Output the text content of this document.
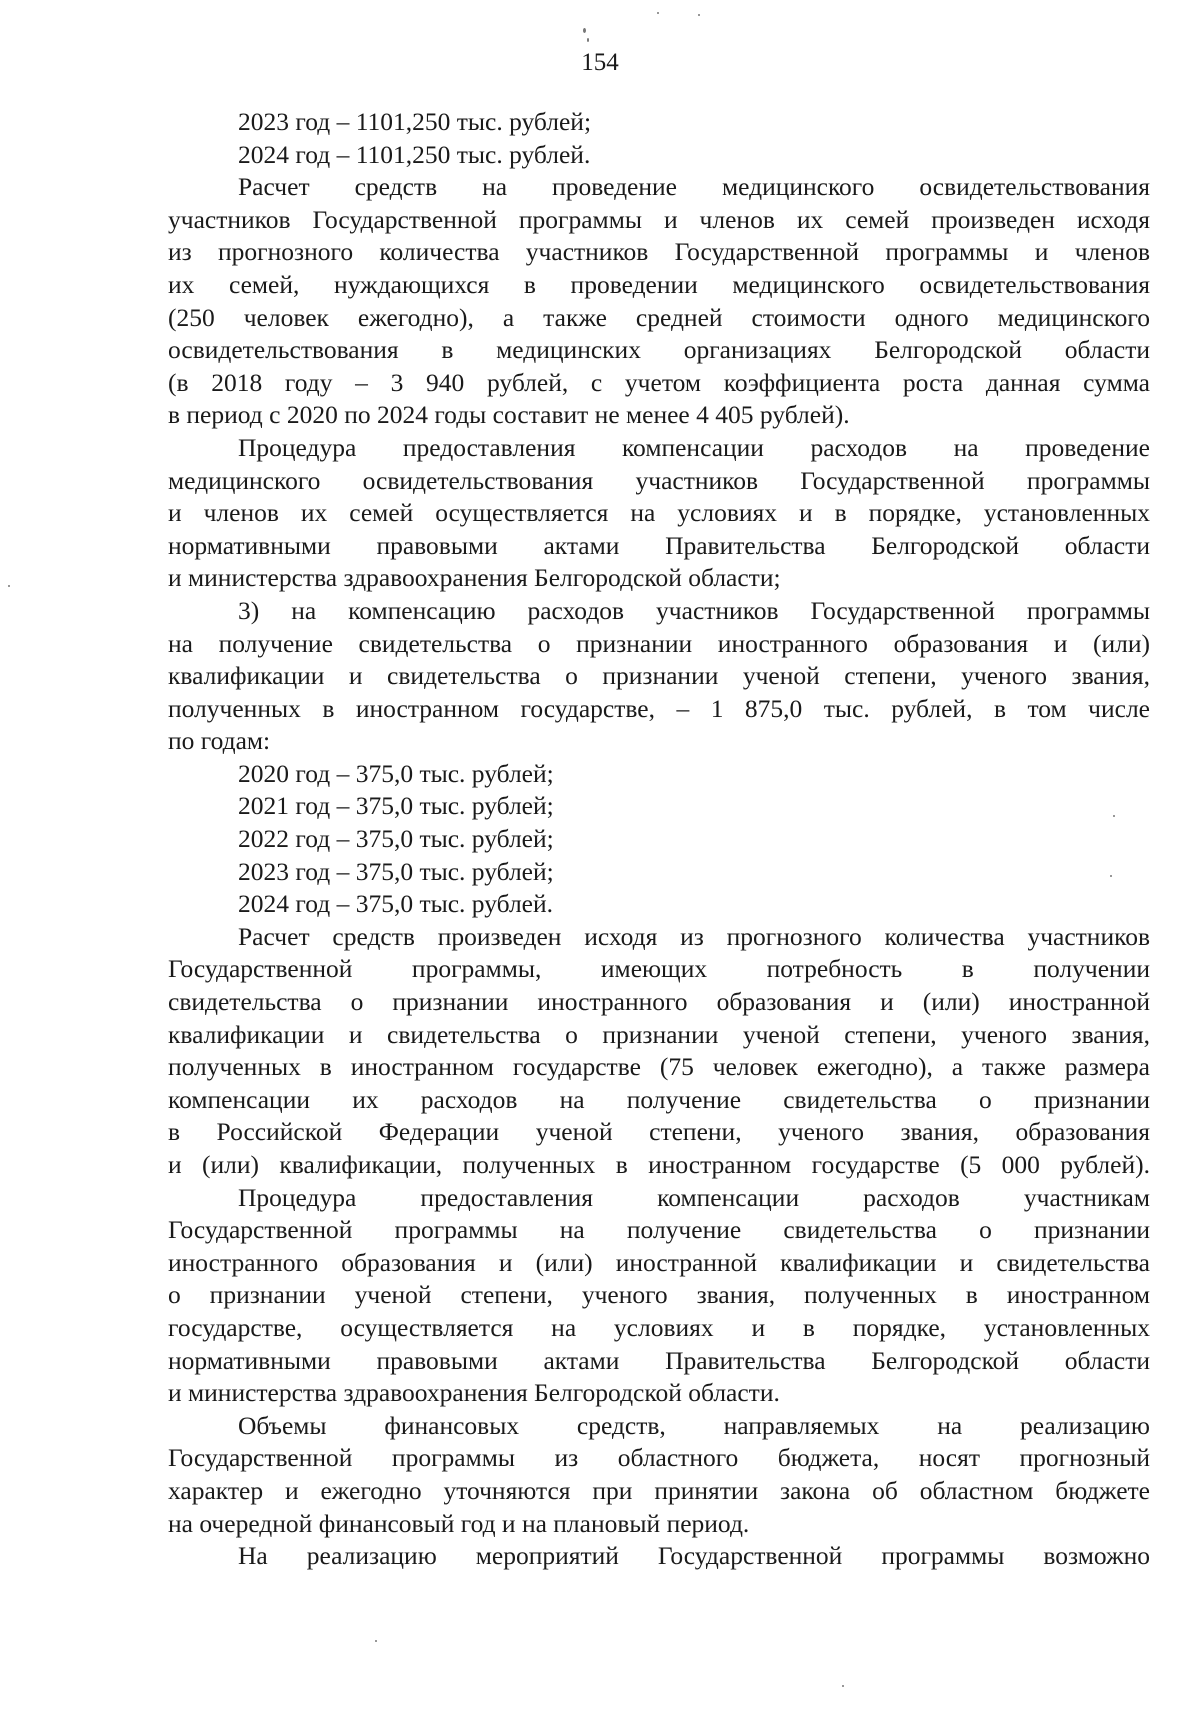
154
2023 год – 1101,250 тыс. рублей;
2024 год – 1101,250 тыс. рублей.
Расчет средств на проведение медицинского освидетельствования
участников Государственной программы и членов их семей произведен исходя
из прогнозного количества участников Государственной программы и членов
их семей, нуждающихся в проведении медицинского освидетельствования
(250 человек ежегодно), а также средней стоимости одного медицинского
освидетельствования в медицинских организациях Белгородской области
(в 2018 году – 3 940 рублей, с учетом коэффициента роста данная сумма
в период с 2020 по 2024 годы составит не менее 4 405 рублей).
Процедура предоставления компенсации расходов на проведение
медицинского освидетельствования участников Государственной программы
и членов их семей осуществляется на условиях и в порядке, установленных
нормативными правовыми актами Правительства Белгородской области
и министерства здравоохранения Белгородской области;
3) на компенсацию расходов участников Государственной программы
на получение свидетельства о признании иностранного образования и (или)
квалификации и свидетельства о признании ученой степени, ученого звания,
полученных в иностранном государстве, – 1 875,0 тыс. рублей, в том числе
по годам:
2020 год – 375,0 тыс. рублей;
2021 год – 375,0 тыс. рублей;
2022 год – 375,0 тыс. рублей;
2023 год – 375,0 тыс. рублей;
2024 год – 375,0 тыс. рублей.
Расчет средств произведен исходя из прогнозного количества участников
Государственной программы, имеющих потребность в получении
свидетельства о признании иностранного образования и (или) иностранной
квалификации и свидетельства о признании ученой степени, ученого звания,
полученных в иностранном государстве (75 человек ежегодно), а также размера
компенсации их расходов на получение свидетельства о признании
в Российской Федерации ученой степени, ученого звания, образования
и (или) квалификации, полученных в иностранном государстве (5 000 рублей).
Процедура предоставления компенсации расходов участникам
Государственной программы на получение свидетельства о признании
иностранного образования и (или) иностранной квалификации и свидетельства
о признании ученой степени, ученого звания, полученных в иностранном
государстве, осуществляется на условиях и в порядке, установленных
нормативными правовыми актами Правительства Белгородской области
и министерства здравоохранения Белгородской области.
Объемы финансовых средств, направляемых на реализацию
Государственной программы из областного бюджета, носят прогнозный
характер и ежегодно уточняются при принятии закона об областном бюджете
на очередной финансовый год и на плановый период.
На реализацию мероприятий Государственной программы возможно
